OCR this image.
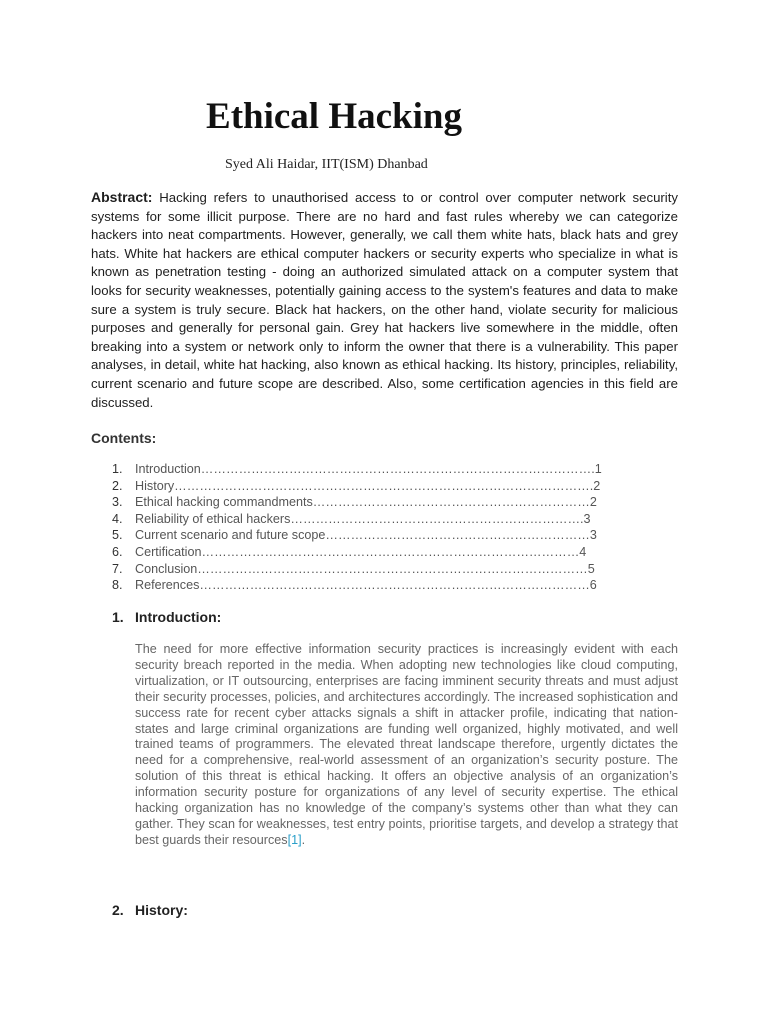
Ethical Hacking
Syed Ali Haidar, IIT(ISM) Dhanbad
Abstract: Hacking refers to unauthorised access to or control over computer network security systems for some illicit purpose. There are no hard and fast rules whereby we can categorize hackers into neat compartments. However, generally, we call them white hats, black hats and grey hats. White hat hackers are ethical computer hackers or security experts who specialize in what is known as penetration testing - doing an authorized simulated attack on a computer system that looks for security weaknesses, potentially gaining access to the system's features and data to make sure a system is truly secure. Black hat hackers, on the other hand, violate security for malicious purposes and generally for personal gain. Grey hat hackers live somewhere in the middle, often breaking into a system or network only to inform the owner that there is a vulnerability. This paper analyses, in detail, white hat hacking, also known as ethical hacking. Its history, principles, reliability, current scenario and future scope are described. Also, some certification agencies in this field are discussed.
Contents:
1. Introduction………………………………………………………………………………….1
2. History……………………………………………………………………………………….2
3. Ethical hacking commandments…………………………………………………………2
4. Reliability of ethical hackers…………………………………………………………….3
5. Current scenario and future scope………………………………………………………3
6. Certification………………………………………………………………………………4
7. Conclusion…………………………………………………………………………………5
8. References…………………………………………………………………………………6
1. Introduction:
The need for more effective information security practices is increasingly evident with each security breach reported in the media. When adopting new technologies like cloud computing, virtualization, or IT outsourcing, enterprises are facing imminent security threats and must adjust their security processes, policies, and architectures accordingly. The increased sophistication and success rate for recent cyber attacks signals a shift in attacker profile, indicating that nation-states and large criminal organizations are funding well organized, highly motivated, and well trained teams of programmers. The elevated threat landscape therefore, urgently dictates the need for a comprehensive, real-world assessment of an organization’s security posture. The solution of this threat is ethical hacking. It offers an objective analysis of an organization’s information security posture for organizations of any level of security expertise. The ethical hacking organization has no knowledge of the company’s systems other than what they can gather. They scan for weaknesses, test entry points, prioritise targets, and develop a strategy that best guards their resources[1].
2. History:
